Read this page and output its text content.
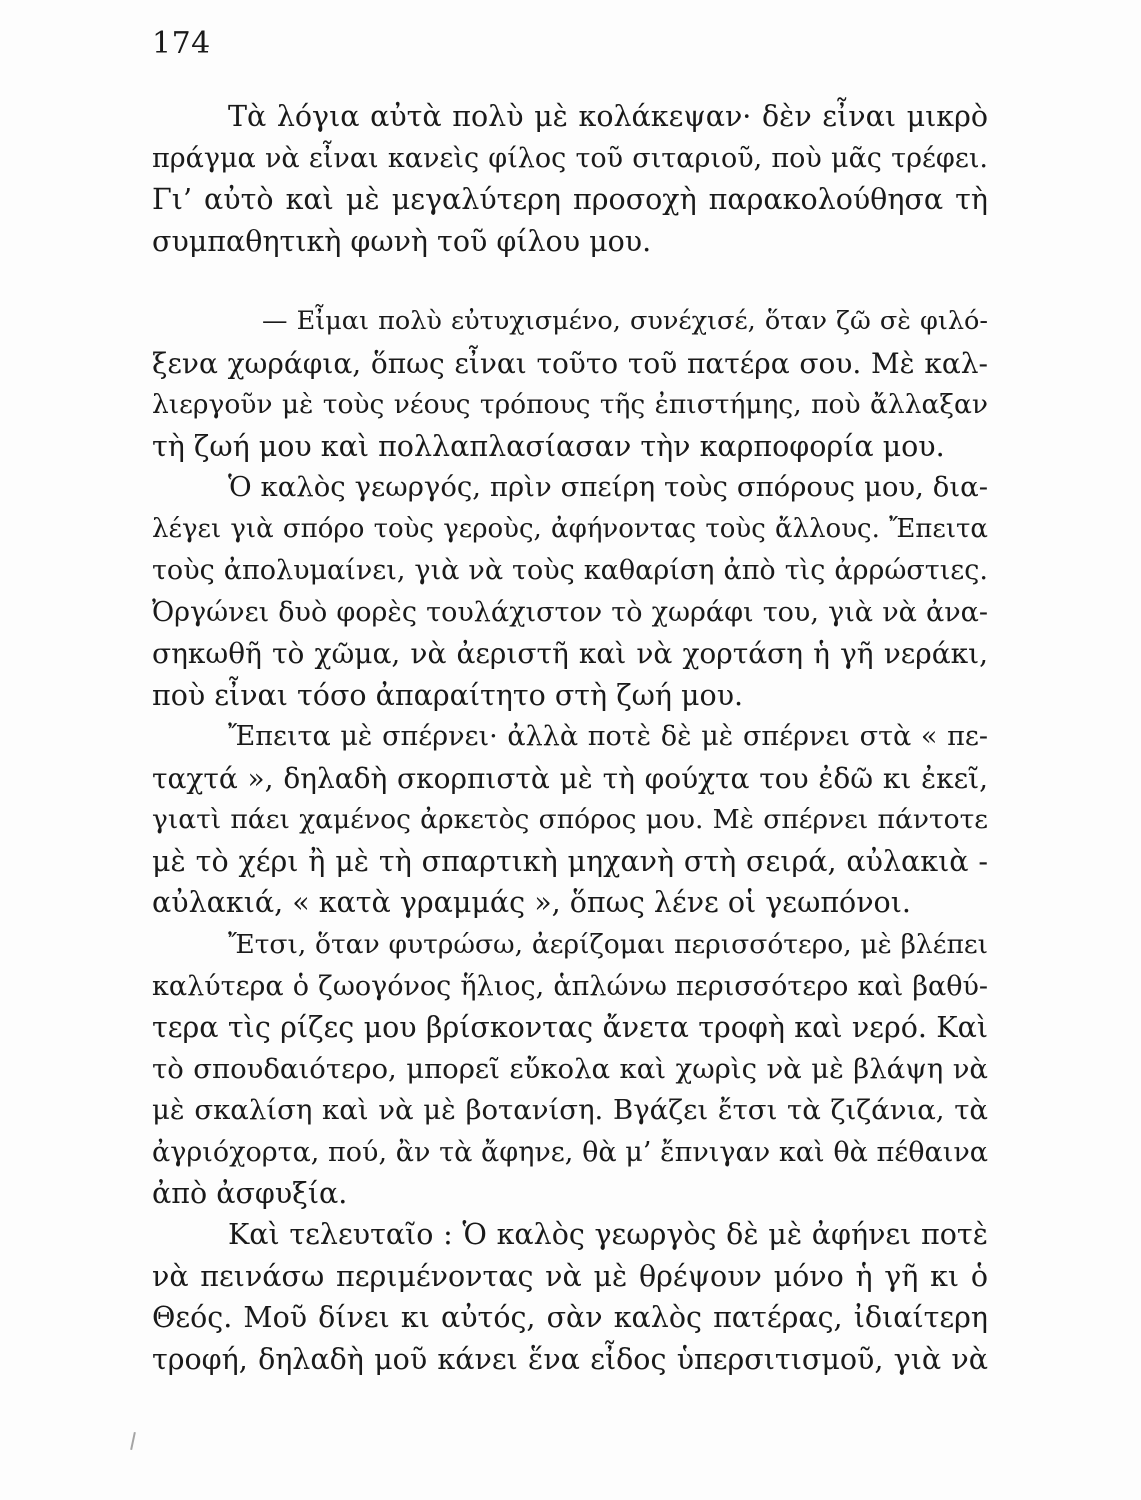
174
Τὰ λόγια αὐτὰ πολὺ μὲ κολάκεψαν· δὲν εἶναι μικρὸ
πράγμα νὰ εἶναι κανεὶς φίλος τοῦ σιταριοῦ, ποὺ μᾶς τρέφει.
Γι’ αὐτὸ καὶ μὲ μεγαλύτερη προσοχὴ παρακολούθησα τὴ
συμπαθητικὴ φωνὴ τοῦ φίλου μου.
— Εἶμαι πολὺ εὐτυχισμένο, συνέχισέ, ὅταν ζῶ σὲ φιλό-
ξενα χωράφια, ὅπως εἶναι τοῦτο τοῦ πατέρα σου. Μὲ καλ-
λιεργοῦν μὲ τοὺς νέους τρόπους τῆς ἐπιστήμης, ποὺ ἄλλαξαν
τὴ ζωή μου καὶ πολλαπλασίασαν τὴν καρποφορία μου.
Ὁ καλὸς γεωργός, πρὶν σπείρη τοὺς σπόρους μου, δια-
λέγει γιὰ σπόρο τοὺς γεροὺς, ἀφήνοντας τοὺς ἄλλους. Ἔπειτα
τοὺς ἀπολυμαίνει, γιὰ νὰ τοὺς καθαρίση ἀπὸ τὶς ἀρρώστιες.
Ὀργώνει δυὸ φορὲς τουλάχιστον τὸ χωράφι του, γιὰ νὰ ἀνα-
σηκωθῆ τὸ χῶμα, νὰ ἀεριστῆ καὶ νὰ χορτάση ἡ γῆ νεράκι,
ποὺ εἶναι τόσο ἀπαραίτητο στὴ ζωή μου.
Ἔπειτα μὲ σπέρνει· ἀλλὰ ποτὲ δὲ μὲ σπέρνει στὰ « πε-
ταχτά », δηλαδὴ σκορπιστὰ μὲ τὴ φούχτα του ἐδῶ κι ἐκεῖ,
γιατὶ πάει χαμένος ἀρκετὸς σπόρος μου. Μὲ σπέρνει πάντοτε
μὲ τὸ χέρι ἢ μὲ τὴ σπαρτικὴ μηχανὴ στὴ σειρά, αὐλακιὰ -
αὐλακιά, « κατὰ γραμμάς », ὅπως λένε οἱ γεωπόνοι.
Ἔτσι, ὅταν φυτρώσω, ἀερίζομαι περισσότερο, μὲ βλέπει
καλύτερα ὁ ζωογόνος ἥλιος, ἁπλώνω περισσότερο καὶ βαθύ-
τερα τὶς ρίζες μου βρίσκοντας ἄνετα τροφὴ καὶ νερό. Καὶ
τὸ σπουδαιότερο, μπορεῖ εὔκολα καὶ χωρὶς νὰ μὲ βλάψη νὰ
μὲ σκαλίση καὶ νὰ μὲ βοτανίση. Βγάζει ἔτσι τὰ ζιζάνια, τὰ
ἀγριόχορτα, πού, ἂν τὰ ἄφηνε, θὰ μ’ ἔπνιγαν καὶ θὰ πέθαινα
ἀπὸ ἀσφυξία.
Καὶ τελευταῖο : Ὁ καλὸς γεωργὸς δὲ μὲ ἀφήνει ποτὲ
νὰ πεινάσω περιμένοντας νὰ μὲ θρέψουν μόνο ἡ γῆ κι ὁ
Θεός. Μοῦ δίνει κι αὐτός, σὰν καλὸς πατέρας, ἰδιαίτερη
τροφή, δηλαδὴ μοῦ κάνει ἕνα εἶδος ὑπερσιτισμοῦ, γιὰ νὰ
